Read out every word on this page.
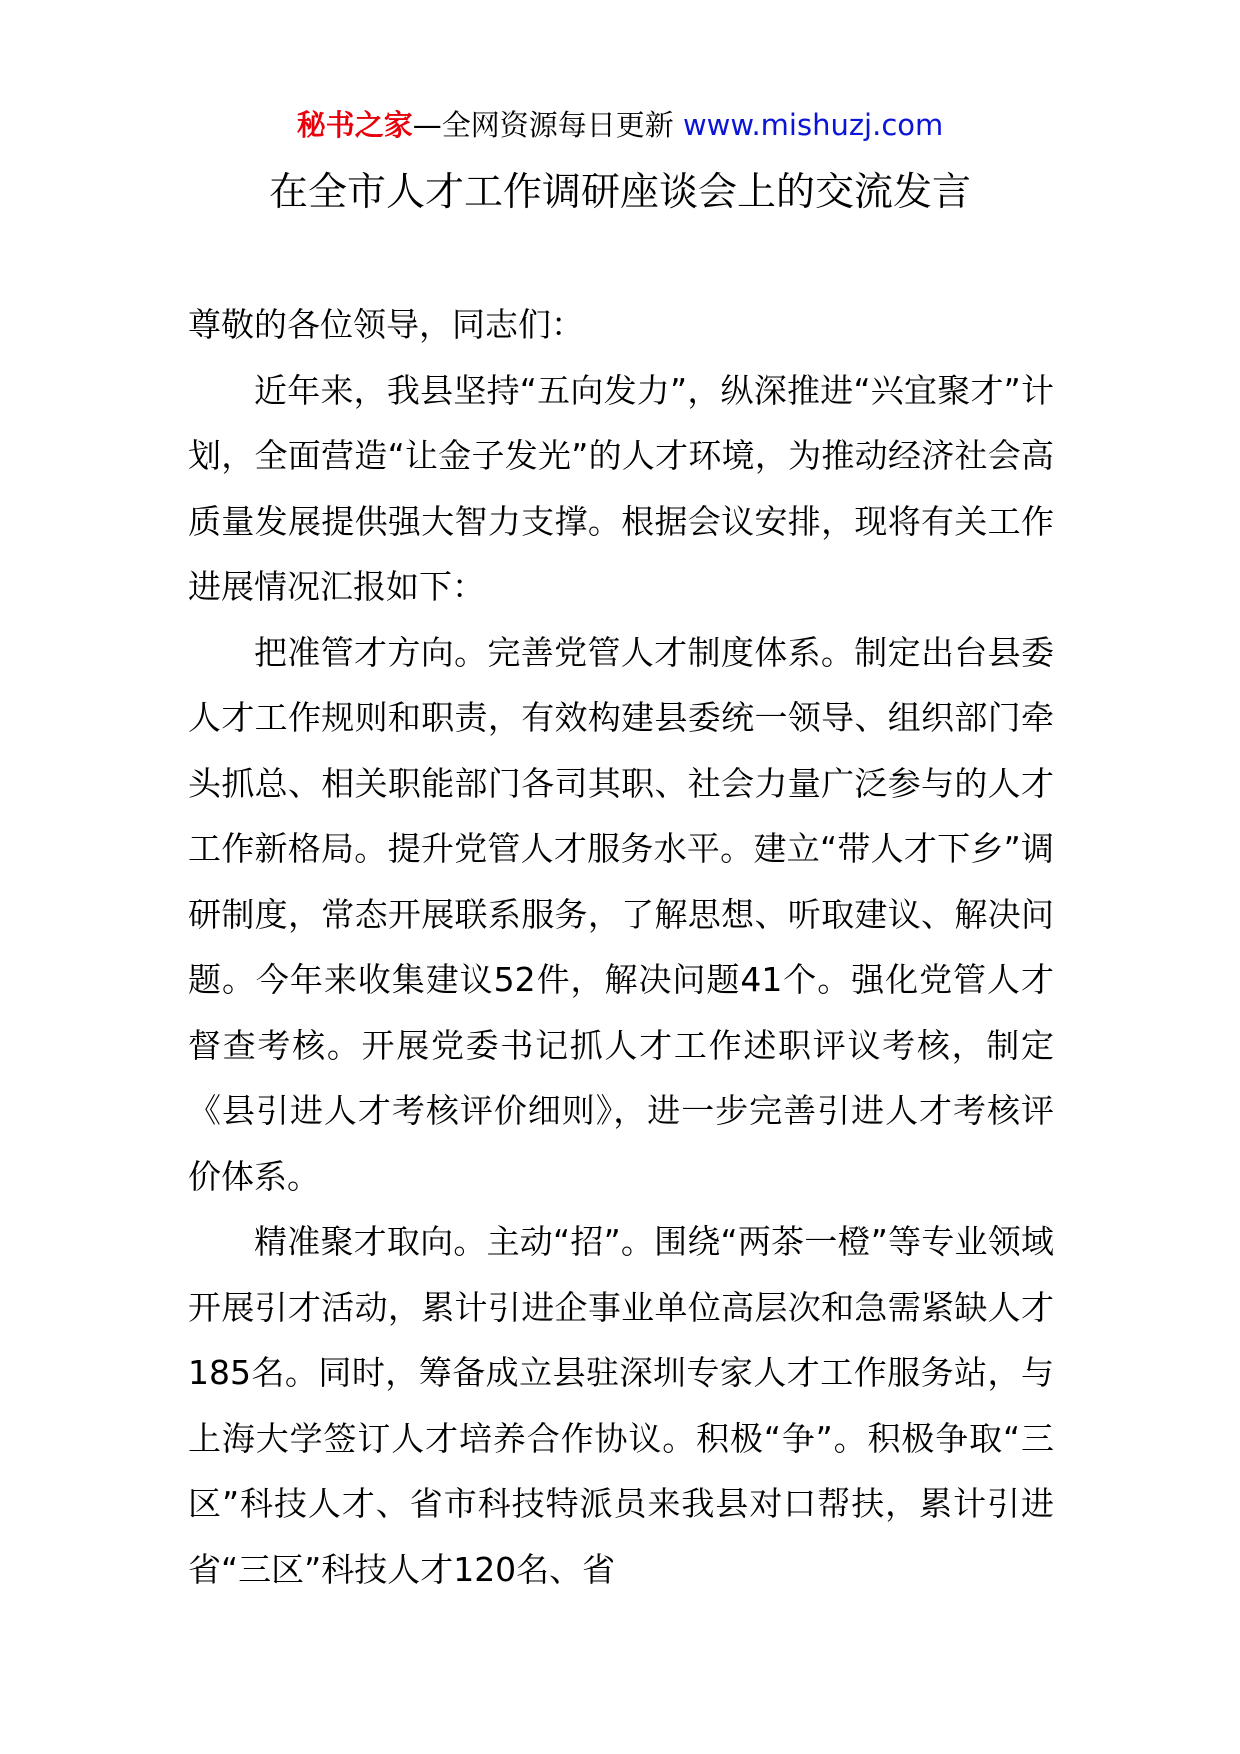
秘书之家—全网资源每日更新 www.mishuzj.com
在全市人才工作调研座谈会上的交流发言

尊敬的各位领导，同志们：

近年来，我县坚持“五向发力”，纵深推进“兴宜聚才”计划，全面营造“让金子发光”的人才环境，为推动经济社会高质量发展提供强大智力支撑。根据会议安排，现将有关工作进展情况汇报如下：

把准管才方向。完善党管人才制度体系。制定出台县委人才工作规则和职责，有效构建县委统一领导、组织部门牵头抓总、相关职能部门各司其职、社会力量广泛参与的人才工作新格局。提升党管人才服务水平。建立“带人才下乡”调研制度，常态开展联系服务，了解思想、听取建议、解决问题。今年来收集建议52件，解决问题41个。强化党管人才督查考核。开展党委书记抓人才工作述职评议考核，制定《县引进人才考核评价细则》，进一步完善引进人才考核评价体系。

精准聚才取向。主动“招”。围绕“两茶一橙”等专业领域开展引才活动，累计引进企事业单位高层次和急需紧缺人才185名。同时，筹备成立县驻深圳专家人才工作服务站，与上海大学签订人才培养合作协议。积极“争”。积极争取“三区”科技人才、省市科技特派员来我县对口帮扶，累计引进省“三区”科技人才120名、省
